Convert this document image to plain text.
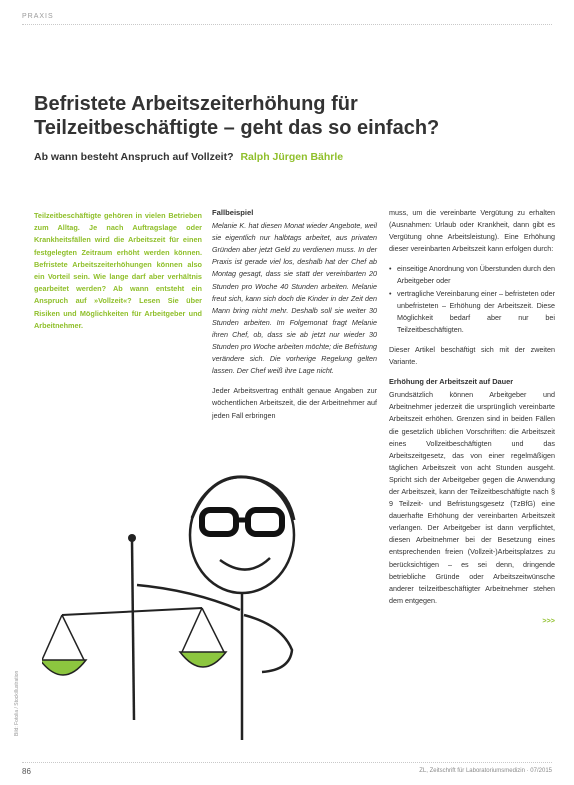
PRAXIS
Befristete Arbeitszeiterhöhung für
Teilzeitbeschäftigte – geht das so einfach?
Ab wann besteht Anspruch auf Vollzeit? Ralph Jürgen Bährle

Teilzeitbeschäftigte gehören in vielen Betrieben zum Alltag. Je nach Auftragslage oder Krankheitsfällen wird die Arbeitszeit für einen festgelegten Zeitraum erhöht werden können. Befristete Arbeitszeiterhöhungen können also ein Vorteil sein. Wie lange darf aber verhältnis gearbeitet werden? Ab wann entsteht ein Anspruch auf »Vollzeit«? Lesen Sie über Risiken und Möglichkeiten für Arbeitgeber und Arbeitnehmer.

Fallbeispiel

Melanie K. hat diesen Monat wieder Angebote, weil sie eigentlich nur halbtags arbeitet, aus privaten Gründen aber jetzt Geld zu verdienen muss. In der Praxis ist gerade viel los, deshalb hat der Chef ab Montag gesagt, dass sie statt der vereinbarten 20 Stunden pro Woche 40 Stunden arbeiten. Melanie freut sich, kann sich doch die Kinder in der Zeit den Mann bring nicht mehr. Deshalb soll sie weiter 30 Stunden arbeiten. Im Folgemonat fragt Melanie ihren Chef, ob, dass sie ab jetzt nur wieder 30 Stunden pro Woche arbeiten möchte; die Befristung verändere sich. Die vorherige Regelung gelten lassen. Der Chef weiß ihre Lage nicht.

Jeder Arbeitsvertrag enthält genaue Angaben zur wöchentlichen Arbeitszeit, die der Arbeitnehmer auf jeden Fall erbringen

muss, um die vereinbarte Vergütung zu erhalten (Ausnahmen: Urlaub oder Krankheit, dann gibt es Vergütung ohne Arbeitsleistung). Eine Erhöhung dieser vereinbarten Arbeitszeit kann erfolgen durch:

• einseitige Anordnung von Überstunden durch den Arbeitgeber oder
• vertragliche Vereinbarung einer – befristeten oder unbefristeten – Erhöhung der Arbeitszeit. Diese Möglichkeit bedarf aber nur bei Teilzeitbeschäftigten.

Dieser Artikel beschäftigt sich mit der zweiten Variante.

Erhöhung der Arbeitszeit auf Dauer

Grundsätzlich können Arbeitgeber und Arbeitnehmer jederzeit die ursprünglich vereinbarte Arbeitszeit erhöhen. Grenzen sind in beiden Fällen die gesetzlich üblichen Vorschriften: die Arbeitszeit eines Vollzeitbeschäftigten und das Arbeitszeitgesetz, das von einer regelmäßigen täglichen Arbeitszeit von acht Stunden ausgeht. Spricht sich der Arbeitgeber gegen die Anwendung der Arbeitszeit, kann der Teilzeitbeschäftigte nach § 9 Teilzeit- und Befristungsgesetz (TzBfG) eine dauerhafte Erhöhung der vereinbarten Arbeitszeit verlangen. Der Arbeitgeber ist dann verpflichtet, diesen Arbeitnehmer bei der Besetzung eines entsprechenden freien (Vollzeit-)Arbeitsplatzes zu berücksichtigen – es sei denn, dringende betriebliche Gründe oder Arbeitszeitwünsche anderer teilzeitbeschäftigter Arbeitnehmer stehen dem entgegen.

>>>
Bild: Fotolia / Stockillustration
86	ZL, Zeitschrift für Laboratoriumsmedizin · 07/2015
